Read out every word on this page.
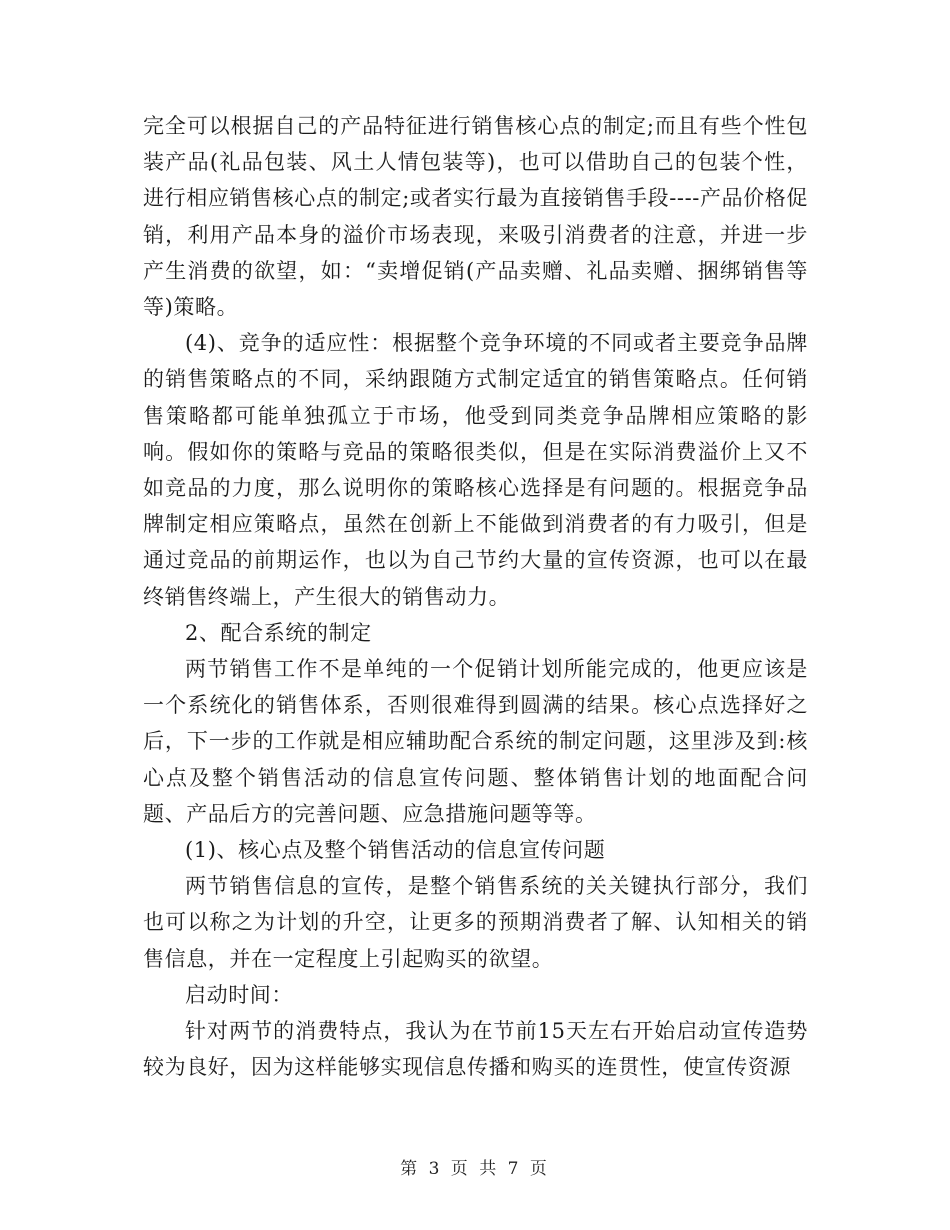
完全可以根据自己的产品特征进行销售核心点的制定;而且有些个性包装产品(礼品包装、风土人情包装等)，也可以借助自己的包装个性，进行相应销售核心点的制定;或者实行最为直接销售手段----产品价格促销，利用产品本身的溢价市场表现，来吸引消费者的注意，并进一步产生消费的欲望，如：“卖增促销(产品卖赠、礼品卖赠、捆绑销售等等)策略。

(4)、竞争的适应性：根据整个竞争环境的不同或者主要竞争品牌的销售策略点的不同，采纳跟随方式制定适宜的销售策略点。任何销售策略都可能单独孤立于市场，他受到同类竞争品牌相应策略的影响。假如你的策略与竞品的策略很类似，但是在实际消费溢价上又不如竞品的力度，那么说明你的策略核心选择是有问题的。根据竞争品牌制定相应策略点，虽然在创新上不能做到消费者的有力吸引，但是通过竞品的前期运作，也以为自己节约大量的宣传资源，也可以在最终销售终端上，产生很大的销售动力。

2、配合系统的制定

两节销售工作不是单纯的一个促销计划所能完成的，他更应该是一个系统化的销售体系，否则很难得到圆满的结果。核心点选择好之后，下一步的工作就是相应辅助配合系统的制定问题，这里涉及到:核心点及整个销售活动的信息宣传问题、整体销售计划的地面配合问题、产品后方的完善问题、应急措施问题等等。

(1)、核心点及整个销售活动的信息宣传问题

两节销售信息的宣传，是整个销售系统的关关键执行部分，我们也可以称之为计划的升空，让更多的预期消费者了解、认知相关的销售信息，并在一定程度上引起购买的欲望。

启动时间：

针对两节的消费特点，我认为在节前15天左右开始启动宣传造势较为良好，因为这样能够实现信息传播和购买的连贯性，使宣传资源

第 3 页 共 7 页
